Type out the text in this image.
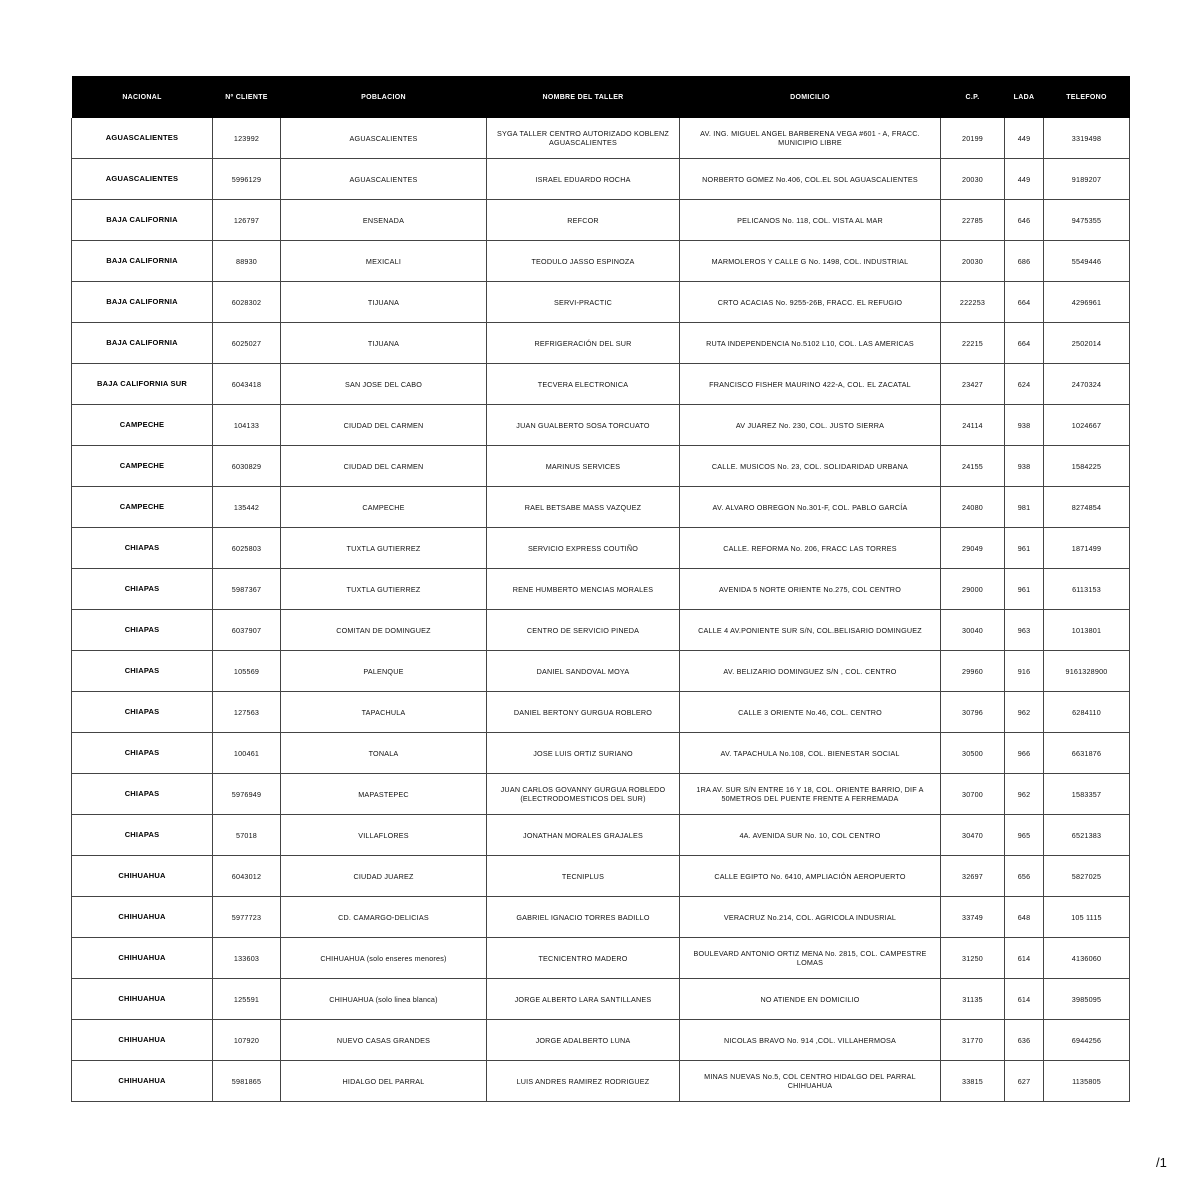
NACIONAL	Nº CLIENTE	POBLACION	NOMBRE DEL TALLER	DOMICILIO	C.P.	LADA	TELEFONO
AGUASCALIENTES	123992	AGUASCALIENTES	SYGA TALLER CENTRO AUTORIZADO KOBLENZ AGUASCALIENTES	AV. ING. MIGUEL ANGEL BARBERENA VEGA #601 - A, FRACC. MUNICIPIO LIBRE	20199	449	3319498
AGUASCALIENTES	5996129	AGUASCALIENTES	ISRAEL EDUARDO ROCHA	NORBERTO GOMEZ No.406, COL.EL SOL AGUASCALIENTES	20030	449	9189207
BAJA CALIFORNIA	126797	ENSENADA	REFCOR	PELICANOS No. 118, COL. VISTA AL MAR	22785	646	9475355
BAJA CALIFORNIA	88930	MEXICALI	TEODULO JASSO ESPINOZA	MARMOLEROS Y CALLE G No. 1498, COL. INDUSTRIAL	20030	686	5549446
BAJA CALIFORNIA	6028302	TIJUANA	SERVI-PRACTIC	CRTO ACACIAS No. 9255-26B, FRACC. EL REFUGIO	222253	664	4296961
BAJA CALIFORNIA	6025027	TIJUANA	REFRIGERACIÓN DEL SUR	RUTA INDEPENDENCIA No.5102 L10, COL. LAS AMERICAS	22215	664	2502014
BAJA CALIFORNIA SUR	6043418	SAN JOSE DEL CABO	TECVERA ELECTRONICA	FRANCISCO FISHER MAURINO 422-A, COL. EL ZACATAL	23427	624	2470324
CAMPECHE	104133	CIUDAD DEL CARMEN	JUAN GUALBERTO SOSA TORCUATO	AV JUAREZ No. 230, COL. JUSTO SIERRA	24114	938	1024667
CAMPECHE	6030829	CIUDAD DEL CARMEN	MARINUS SERVICES	CALLE. MUSICOS No. 23, COL. SOLIDARIDAD URBANA	24155	938	1584225
CAMPECHE	135442	CAMPECHE	RAEL BETSABE MASS VAZQUEZ	AV. ALVARO OBREGON No.301-F, COL. PABLO GARCÍA	24080	981	8274854
CHIAPAS	6025803	TUXTLA GUTIERREZ	SERVICIO EXPRESS COUTIÑO	CALLE. REFORMA No. 206, FRACC LAS TORRES	29049	961	1871499
CHIAPAS	5987367	TUXTLA GUTIERREZ	RENE HUMBERTO MENCIAS MORALES	AVENIDA 5 NORTE ORIENTE No.275, COL CENTRO	29000	961	6113153
CHIAPAS	6037907	COMITAN DE DOMINGUEZ	CENTRO DE SERVICIO PINEDA	CALLE 4 AV.PONIENTE SUR S/N, COL.BELISARIO DOMINGUEZ	30040	963	1013801
CHIAPAS	105569	PALENQUE	DANIEL SANDOVAL MOYA	AV. BELIZARIO DOMINGUEZ S/N , COL. CENTRO	29960	916	9161328900
CHIAPAS	127563	TAPACHULA	DANIEL BERTONY GURGUA ROBLERO	CALLE 3 ORIENTE No.46, COL. CENTRO	30796	962	6284110
CHIAPAS	100461	TONALA	JOSE LUIS ORTIZ SURIANO	AV. TAPACHULA No.108, COL. BIENESTAR SOCIAL	30500	966	6631876
CHIAPAS	5976949	MAPASTEPEC	JUAN CARLOS GOVANNY GURGUA ROBLEDO (ELECTRODOMESTICOS DEL SUR)	1RA AV. SUR S/N ENTRE 16 Y 18, COL. ORIENTE BARRIO, DIF A 50METROS DEL PUENTE FRENTE A FERREMADA	30700	962	1583357
CHIAPAS	57018	VILLAFLORES	JONATHAN MORALES GRAJALES	4A. AVENIDA SUR No. 10, COL CENTRO	30470	965	6521383
CHIHUAHUA	6043012	CIUDAD JUAREZ	TECNIPLUS	CALLE EGIPTO No. 6410, AMPLIACIÓN AEROPUERTO	32697	656	5827025
CHIHUAHUA	5977723	CD. CAMARGO-DELICIAS	GABRIEL IGNACIO TORRES BADILLO	VERACRUZ No.214, COL. AGRICOLA INDUSRIAL	33749	648	105 1115
CHIHUAHUA	133603	CHIHUAHUA (solo enseres menores)	TECNICENTRO MADERO	BOULEVARD ANTONIO ORTIZ MENA No. 2815, COL. CAMPESTRE LOMAS	31250	614	4136060
CHIHUAHUA	125591	CHIHUAHUA (solo linea blanca)	JORGE ALBERTO LARA SANTILLANES	NO ATIENDE EN DOMICILIO	31135	614	3985095
CHIHUAHUA	107920	NUEVO CASAS GRANDES	JORGE ADALBERTO LUNA	NICOLAS BRAVO No. 914 ,COL. VILLAHERMOSA	31770	636	6944256
CHIHUAHUA	5981865	HIDALGO DEL PARRAL	LUIS ANDRES RAMIREZ RODRIGUEZ	MINAS NUEVAS No.5, COL CENTRO HIDALGO DEL PARRAL CHIHUAHUA	33815	627	1135805
/1
